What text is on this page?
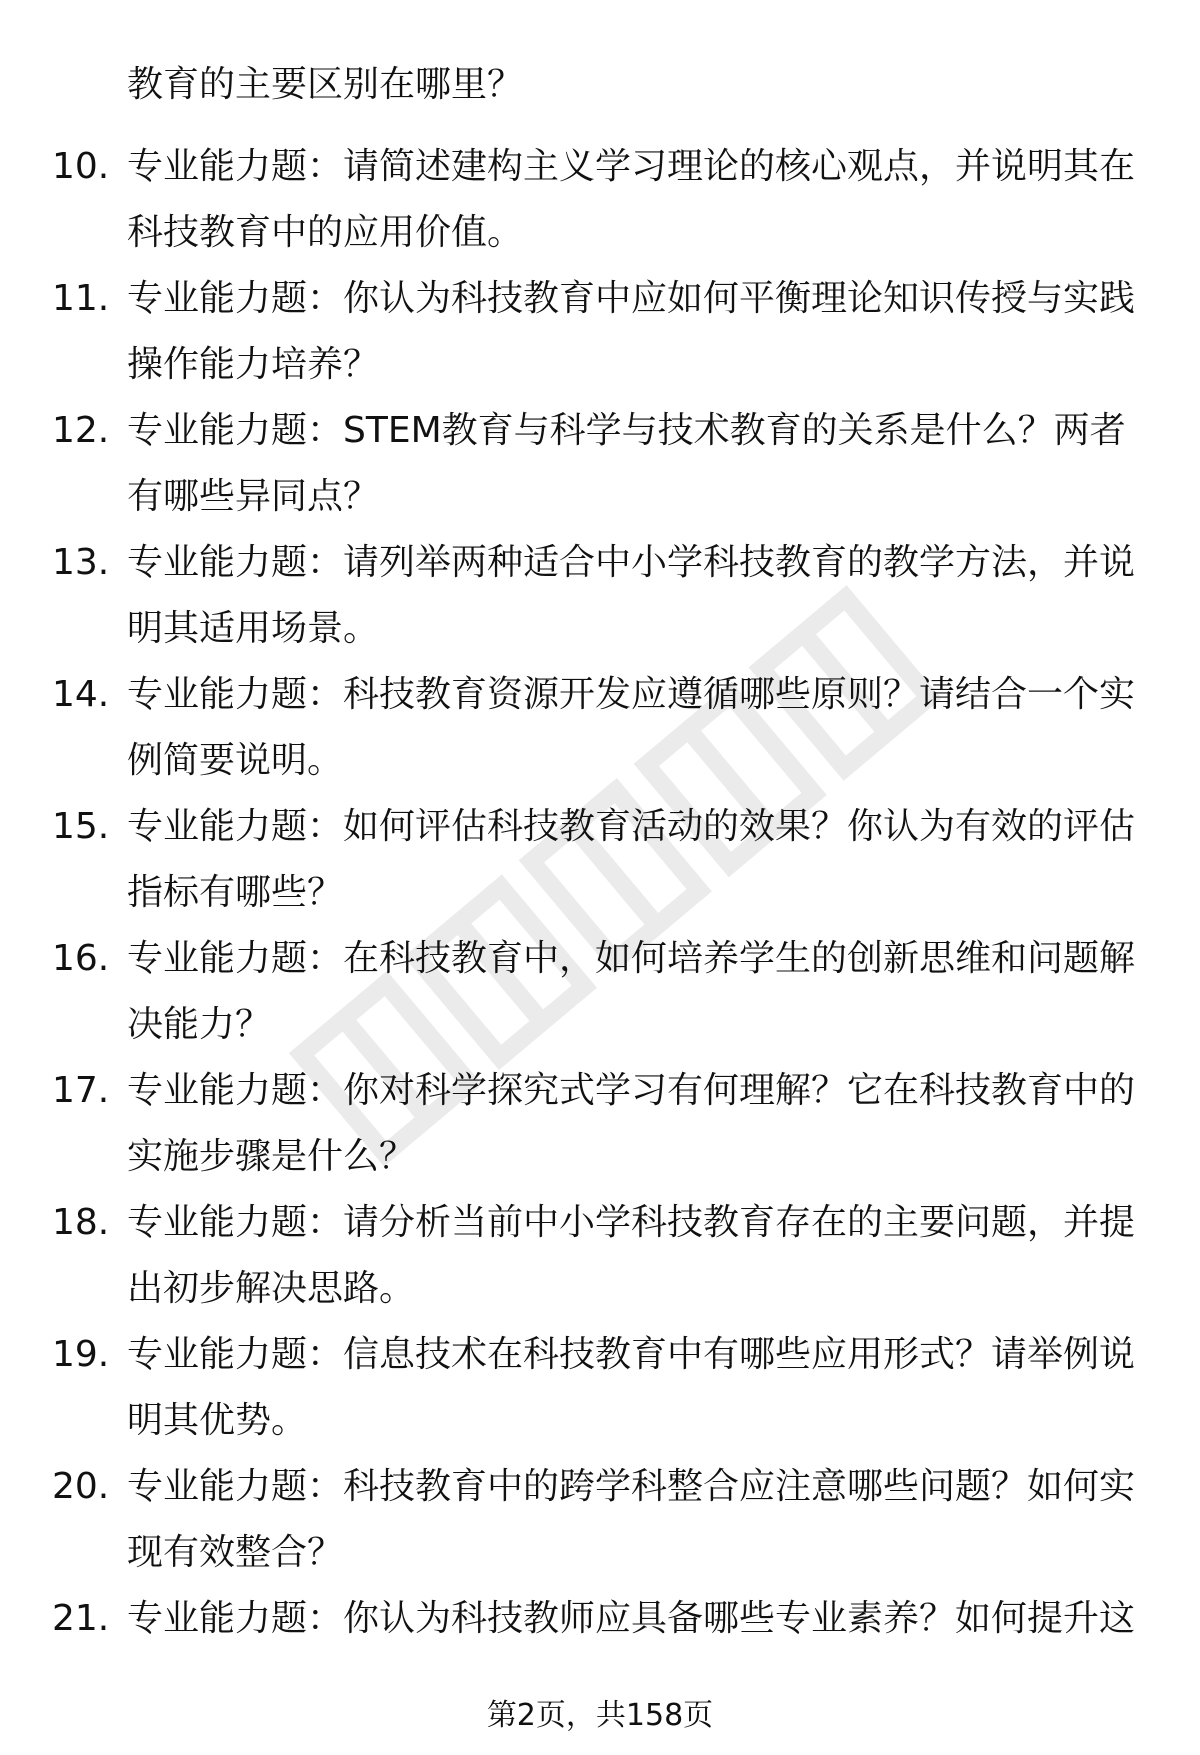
教育的主要区别在哪里？
10. 专业能力题：请简述建构主义学习理论的核心观点，并说明其在科技教育中的应用价值。
11. 专业能力题：你认为科技教育中应如何平衡理论知识传授与实践操作能力培养？
12. 专业能力题：STEM教育与科学与技术教育的关系是什么？两者有哪些异同点？
13. 专业能力题：请列举两种适合中小学科技教育的教学方法，并说明其适用场景。
14. 专业能力题：科技教育资源开发应遵循哪些原则？请结合一个实例简要说明。
15. 专业能力题：如何评估科技教育活动的效果？你认为有效的评估指标有哪些？
16. 专业能力题：在科技教育中，如何培养学生的创新思维和问题解决能力？
17. 专业能力题：你对科学探究式学习有何理解？它在科技教育中的实施步骤是什么？
18. 专业能力题：请分析当前中小学科技教育存在的主要问题，并提出初步解决思路。
19. 专业能力题：信息技术在科技教育中有哪些应用形式？请举例说明其优势。
20. 专业能力题：科技教育中的跨学科整合应注意哪些问题？如何实现有效整合？
21. 专业能力题：你认为科技教师应具备哪些专业素养？如何提升这
第2页，共158页
